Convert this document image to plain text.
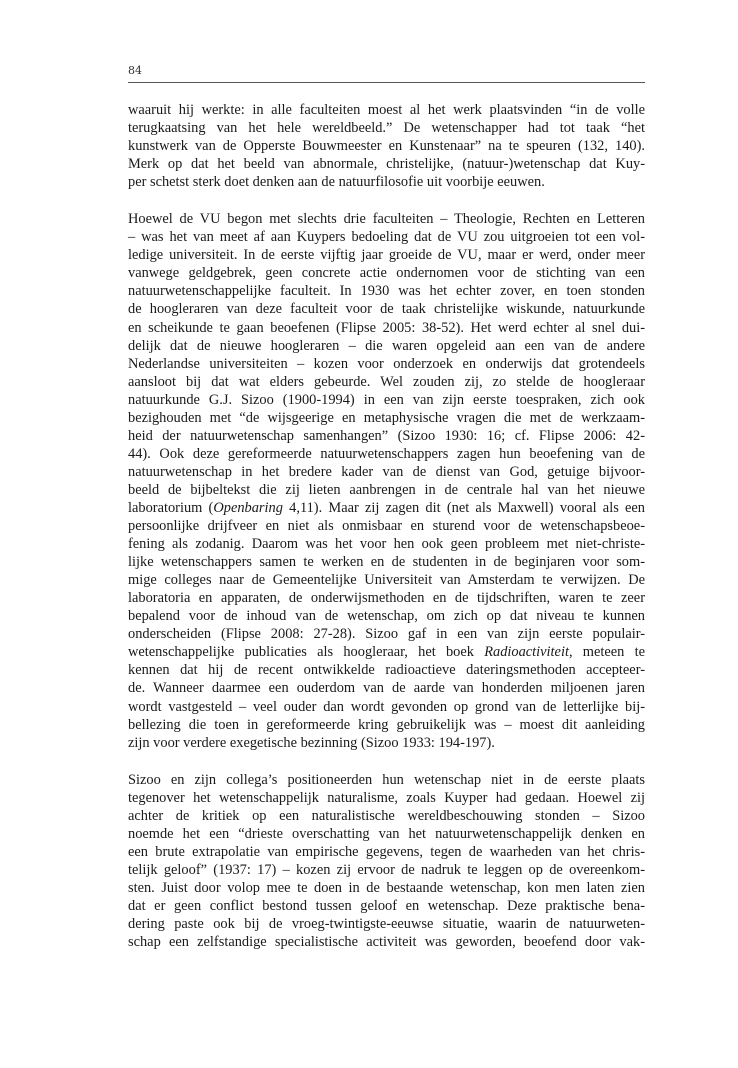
84

waaruit hij werkte: in alle faculteiten moest al het werk plaatsvinden “in de volle
terugkaatsing van het hele wereldbeeld.” De wetenschapper had tot taak “het
kunstwerk van de Opperste Bouwmeester en Kunstenaar” na te speuren (132, 140).
Merk op dat het beeld van abnormale, christelijke, (natuur-)wetenschap dat Kuy-
per schetst sterk doet denken aan de natuurfilosofie uit voorbije eeuwen.

Hoewel de VU begon met slechts drie faculteiten – Theologie, Rechten en Letteren
– was het van meet af aan Kuypers bedoeling dat de VU zou uitgroeien tot een vol-
ledige universiteit. In de eerste vijftig jaar groeide de VU, maar er werd, onder meer
vanwege geldgebrek, geen concrete actie ondernomen voor de stichting van een
natuurwetenschappelijke faculteit. In 1930 was het echter zover, en toen stonden
de hoogleraren van deze faculteit voor de taak christelijke wiskunde, natuurkunde
en scheikunde te gaan beoefenen (Flipse 2005: 38-52). Het werd echter al snel dui-
delijk dat de nieuwe hoogleraren – die waren opgeleid aan een van de andere
Nederlandse universiteiten – kozen voor onderzoek en onderwijs dat grotendeels
aansloot bij dat wat elders gebeurde. Wel zouden zij, zo stelde de hoogleraar
natuurkunde G.J. Sizoo (1900-1994) in een van zijn eerste toespraken, zich ook
bezighouden met “de wijsgeerige en metaphysische vragen die met de werkzaam-
heid der natuurwetenschap samenhangen” (Sizoo 1930: 16; cf. Flipse 2006: 42-
44). Ook deze gereformeerde natuurwetenschappers zagen hun beoefening van de
natuurwetenschap in het bredere kader van de dienst van God, getuige bijvoor-
beeld de bijbeltekst die zij lieten aanbrengen in de centrale hal van het nieuwe
laboratorium (Openbaring 4,11). Maar zij zagen dit (net als Maxwell) vooral als een
persoonlijke drijfveer en niet als onmisbaar en sturend voor de wetenschapsbeoe-
fening als zodanig. Daarom was het voor hen ook geen probleem met niet-christe-
lijke wetenschappers samen te werken en de studenten in de beginjaren voor som-
mige colleges naar de Gemeentelijke Universiteit van Amsterdam te verwijzen. De
laboratoria en apparaten, de onderwijsmethoden en de tijdschriften, waren te zeer
bepalend voor de inhoud van de wetenschap, om zich op dat niveau te kunnen
onderscheiden (Flipse 2008: 27-28). Sizoo gaf in een van zijn eerste populair-
wetenschappelijke publicaties als hoogleraar, het boek Radioactiviteit, meteen te
kennen dat hij de recent ontwikkelde radioactieve dateringsmethoden accepteer-
de. Wanneer daarmee een ouderdom van de aarde van honderden miljoenen jaren
wordt vastgesteld – veel ouder dan wordt gevonden op grond van de letterlijke bij-
bellezing die toen in gereformeerde kring gebruikelijk was – moest dit aanleiding
zijn voor verdere exegetische bezinning (Sizoo 1933: 194-197).

Sizoo en zijn collega’s positioneerden hun wetenschap niet in de eerste plaats
tegenover het wetenschappelijk naturalisme, zoals Kuyper had gedaan. Hoewel zij
achter de kritiek op een naturalistische wereldbeschouwing stonden – Sizoo
noemde het een “drieste overschatting van het natuurwetenschappelijk denken en
een brute extrapolatie van empirische gegevens, tegen de waarheden van het chris-
telijk geloof” (1937: 17) – kozen zij ervoor de nadruk te leggen op de overeenkom-
sten. Juist door volop mee te doen in de bestaande wetenschap, kon men laten zien
dat er geen conflict bestond tussen geloof en wetenschap. Deze praktische bena-
dering paste ook bij de vroeg-twintigste-eeuwse situatie, waarin de natuurweten-
schap een zelfstandige specialistische activiteit was geworden, beoefend door vak-
